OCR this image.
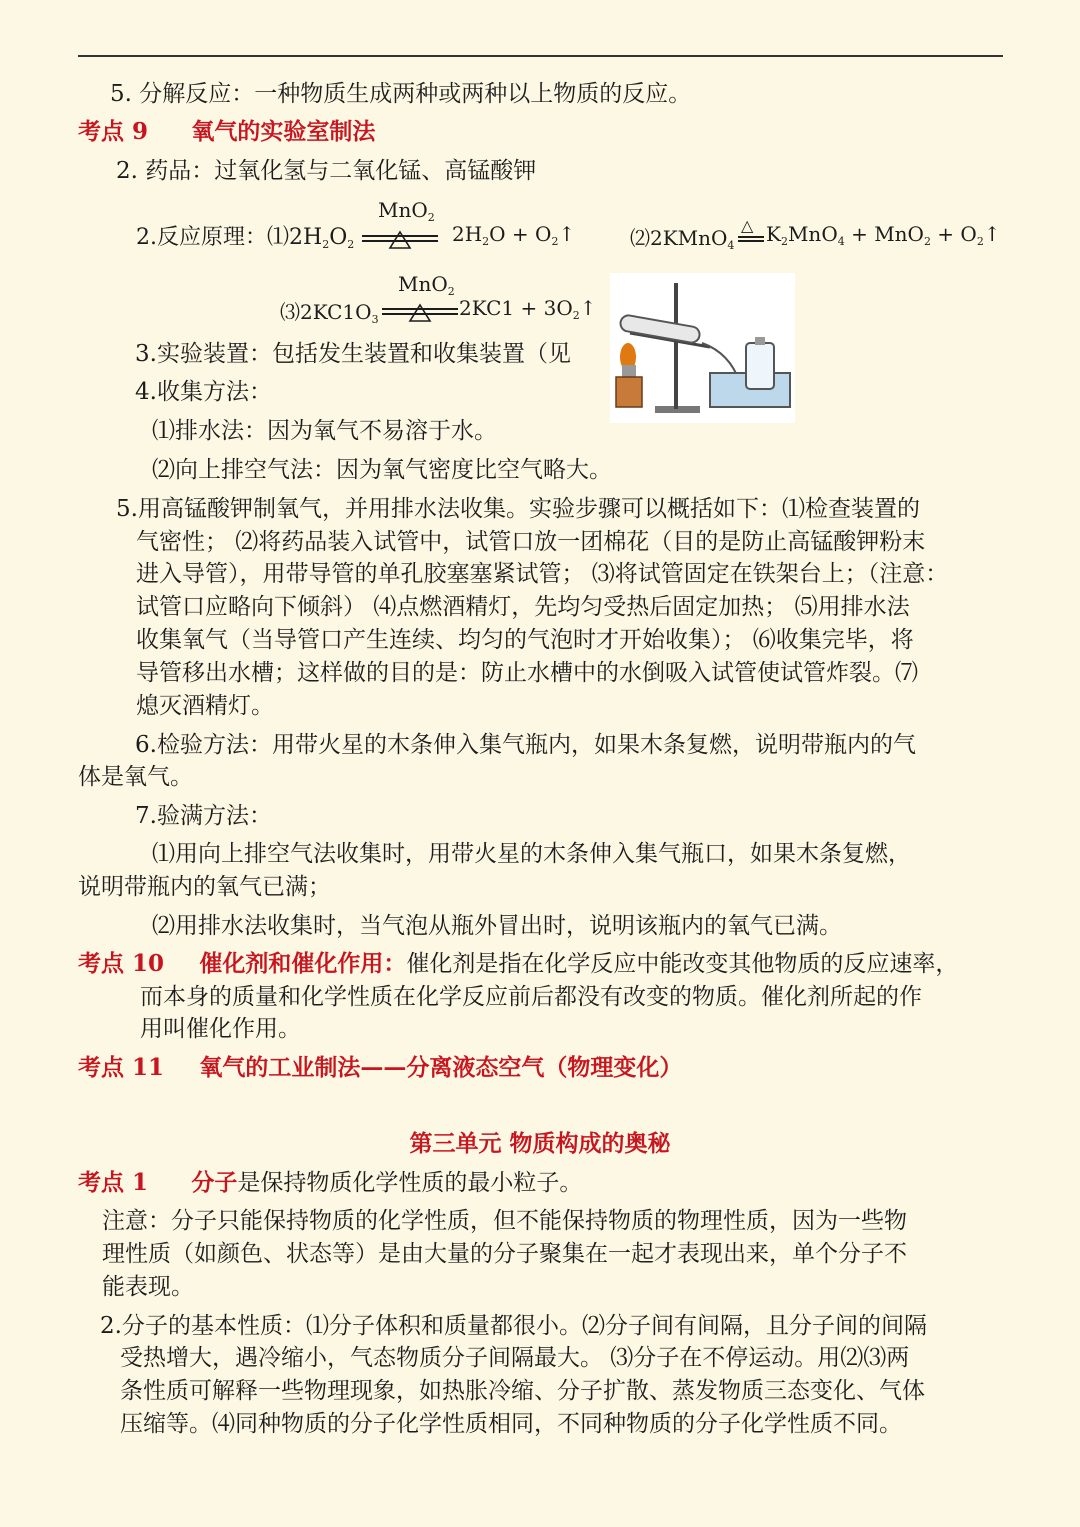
5. 分解反应：一种物质生成两种或两种以上物质的反应。
考点 9 氧气的实验室制法
2. 药品：过氧化氢与二氧化锰、高锰酸钾
2.反应原理：$⑴2H_2O_2$
MnO$_2$
$2H_2O$ + $O_2↑$	⑵2KMnO$_4$
△ $K_2MnO_4 + MnO_2$ + $O_2↑$
$⑶2KC1O_3$
MnO$_2$
$2KC1 + 3O_2↑$
3.实验装置：包括发生装置和收集装置（见
4.收集方法：
⑴排水法：因为氧气不易溶于水。
⑵向上排空气法：因为氧气密度比空气略大。
5.用高锰酸钾制氧气，并用排水法收集。实验步骤可以概括如下：⑴检查装置的
气密性； ⑵将药品装入试管中，试管口放一团棉花（目的是防止高锰酸钾粉末
进入导管），用带导管的单孔胶塞塞紧试管； ⑶将试管固定在铁架台上；（注意：
试管口应略向下倾斜） ⑷点燃酒精灯，先均匀受热后固定加热； ⑸用排水法
收集氧气（当导管口产生连续、均匀的气泡时才开始收集）； ⑹收集完毕，将
导管移出水槽；这样做的目的是：防止水槽中的水倒吸入试管使试管炸裂。⑺
熄灭酒精灯。
6.检验方法：用带火星的木条伸入集气瓶内，如果木条复燃，说明带瓶内的气
体是氧气。
7.验满方法：
⑴用向上排空气法收集时，用带火星的木条伸入集气瓶口，如果木条复燃，
说明带瓶内的氧气已满；
⑵用排水法收集时，当气泡从瓶外冒出时，说明该瓶内的氧气已满。
考点 10 催化剂和催化作用：催化剂是指在化学反应中能改变其他物质的反应速率，
而本身的质量和化学性质在化学反应前后都没有改变的物质。催化剂所起的作
用叫催化作用。
考点 11 氧气的工业制法——分离液态空气（物理变化）
第三单元 物质构成的奥秘
考点 1 分子是保持物质化学性质的最小粒子。
注意：分子只能保持物质的化学性质，但不能保持物质的物理性质，因为一些物
理性质（如颜色、状态等）是由大量的分子聚集在一起才表现出来，单个分子不
能表现。
2.分子的基本性质：⑴分子体积和质量都很小。⑵分子间有间隔，且分子间的间隔
受热增大，遇冷缩小，气态物质分子间隔最大。 ⑶分子在不停运动。用⑵⑶两
条性质可解释一些物理现象，如热胀冷缩、分子扩散、蒸发物质三态变化、气体
压缩等。⑷同种物质的分子化学性质相同，不同种物质的分子化学性质不同。
